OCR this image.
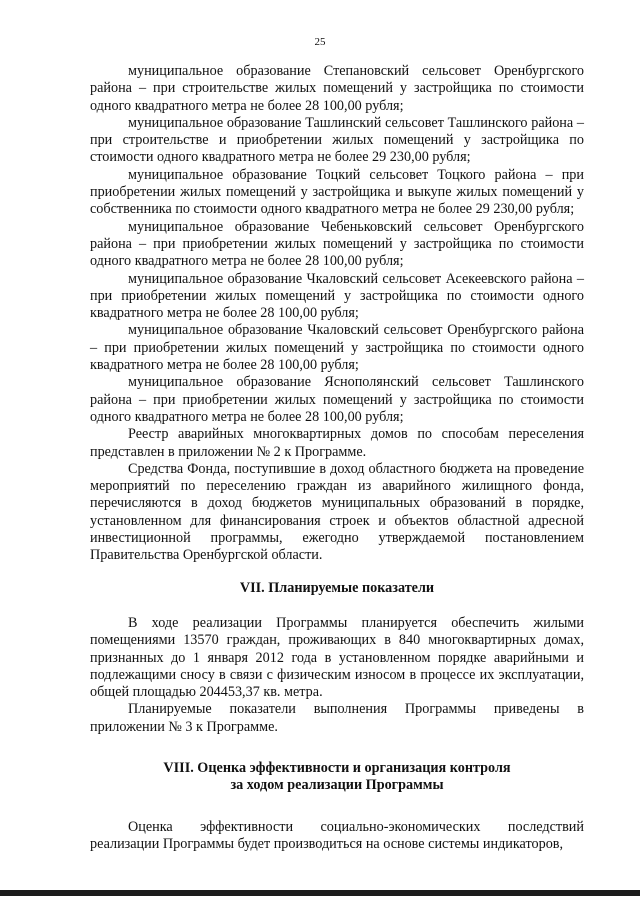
25

муниципальное образование Степановский сельсовет Оренбургского района – при строительстве жилых помещений у застройщика по стоимости одного квадратного метра не более 28 100,00 рубля;

муниципальное образование Ташлинский сельсовет Ташлинского района – при строительстве и приобретении жилых помещений у застройщика по стоимости одного квадратного метра не более 29 230,00 рубля;

муниципальное образование Тоцкий сельсовет Тоцкого района – при приобретении жилых помещений у застройщика и выкупе жилых помещений у собственника по стоимости одного квадратного метра не более 29 230,00 рубля;

муниципальное образование Чебеньковский сельсовет Оренбургского района – при приобретении жилых помещений у застройщика по стоимости одного квадратного метра не более 28 100,00 рубля;

муниципальное образование Чкаловский сельсовет Асекеевского района – при приобретении жилых помещений у застройщика по стоимости одного квадратного метра не более 28 100,00 рубля;

муниципальное образование Чкаловский сельсовет Оренбургского района – при приобретении жилых помещений у застройщика по стоимости одного квадратного метра не более 28 100,00 рубля;

муниципальное образование Яснополянский сельсовет Ташлинского района – при приобретении жилых помещений у застройщика по стоимости одного квадратного метра не более 28 100,00 рубля;

Реестр аварийных многоквартирных домов по способам переселения представлен в приложении № 2 к Программе.

Средства Фонда, поступившие в доход областного бюджета на проведение мероприятий по переселению граждан из аварийного жилищного фонда, перечисляются в доход бюджетов муниципальных образований в порядке, установленном для финансирования строек и объектов областной адресной инвестиционной программы, ежегодно утверждаемой постановлением Правительства Оренбургской области.

VII. Планируемые показатели

В ходе реализации Программы планируется обеспечить жилыми помещениями 13570 граждан, проживающих в 840 многоквартирных домах, признанных до 1 января 2012 года в установленном порядке аварийными и подлежащими сносу в связи с физическим износом в процессе их эксплуатации, общей площадью 204453,37 кв. метра.

Планируемые показатели выполнения Программы приведены в приложении № 3 к Программе.

VIII. Оценка эффективности и организация контроля
за ходом реализации Программы

Оценка эффективности социально-экономических последствий реализации Программы будет производиться на основе системы индикаторов,
